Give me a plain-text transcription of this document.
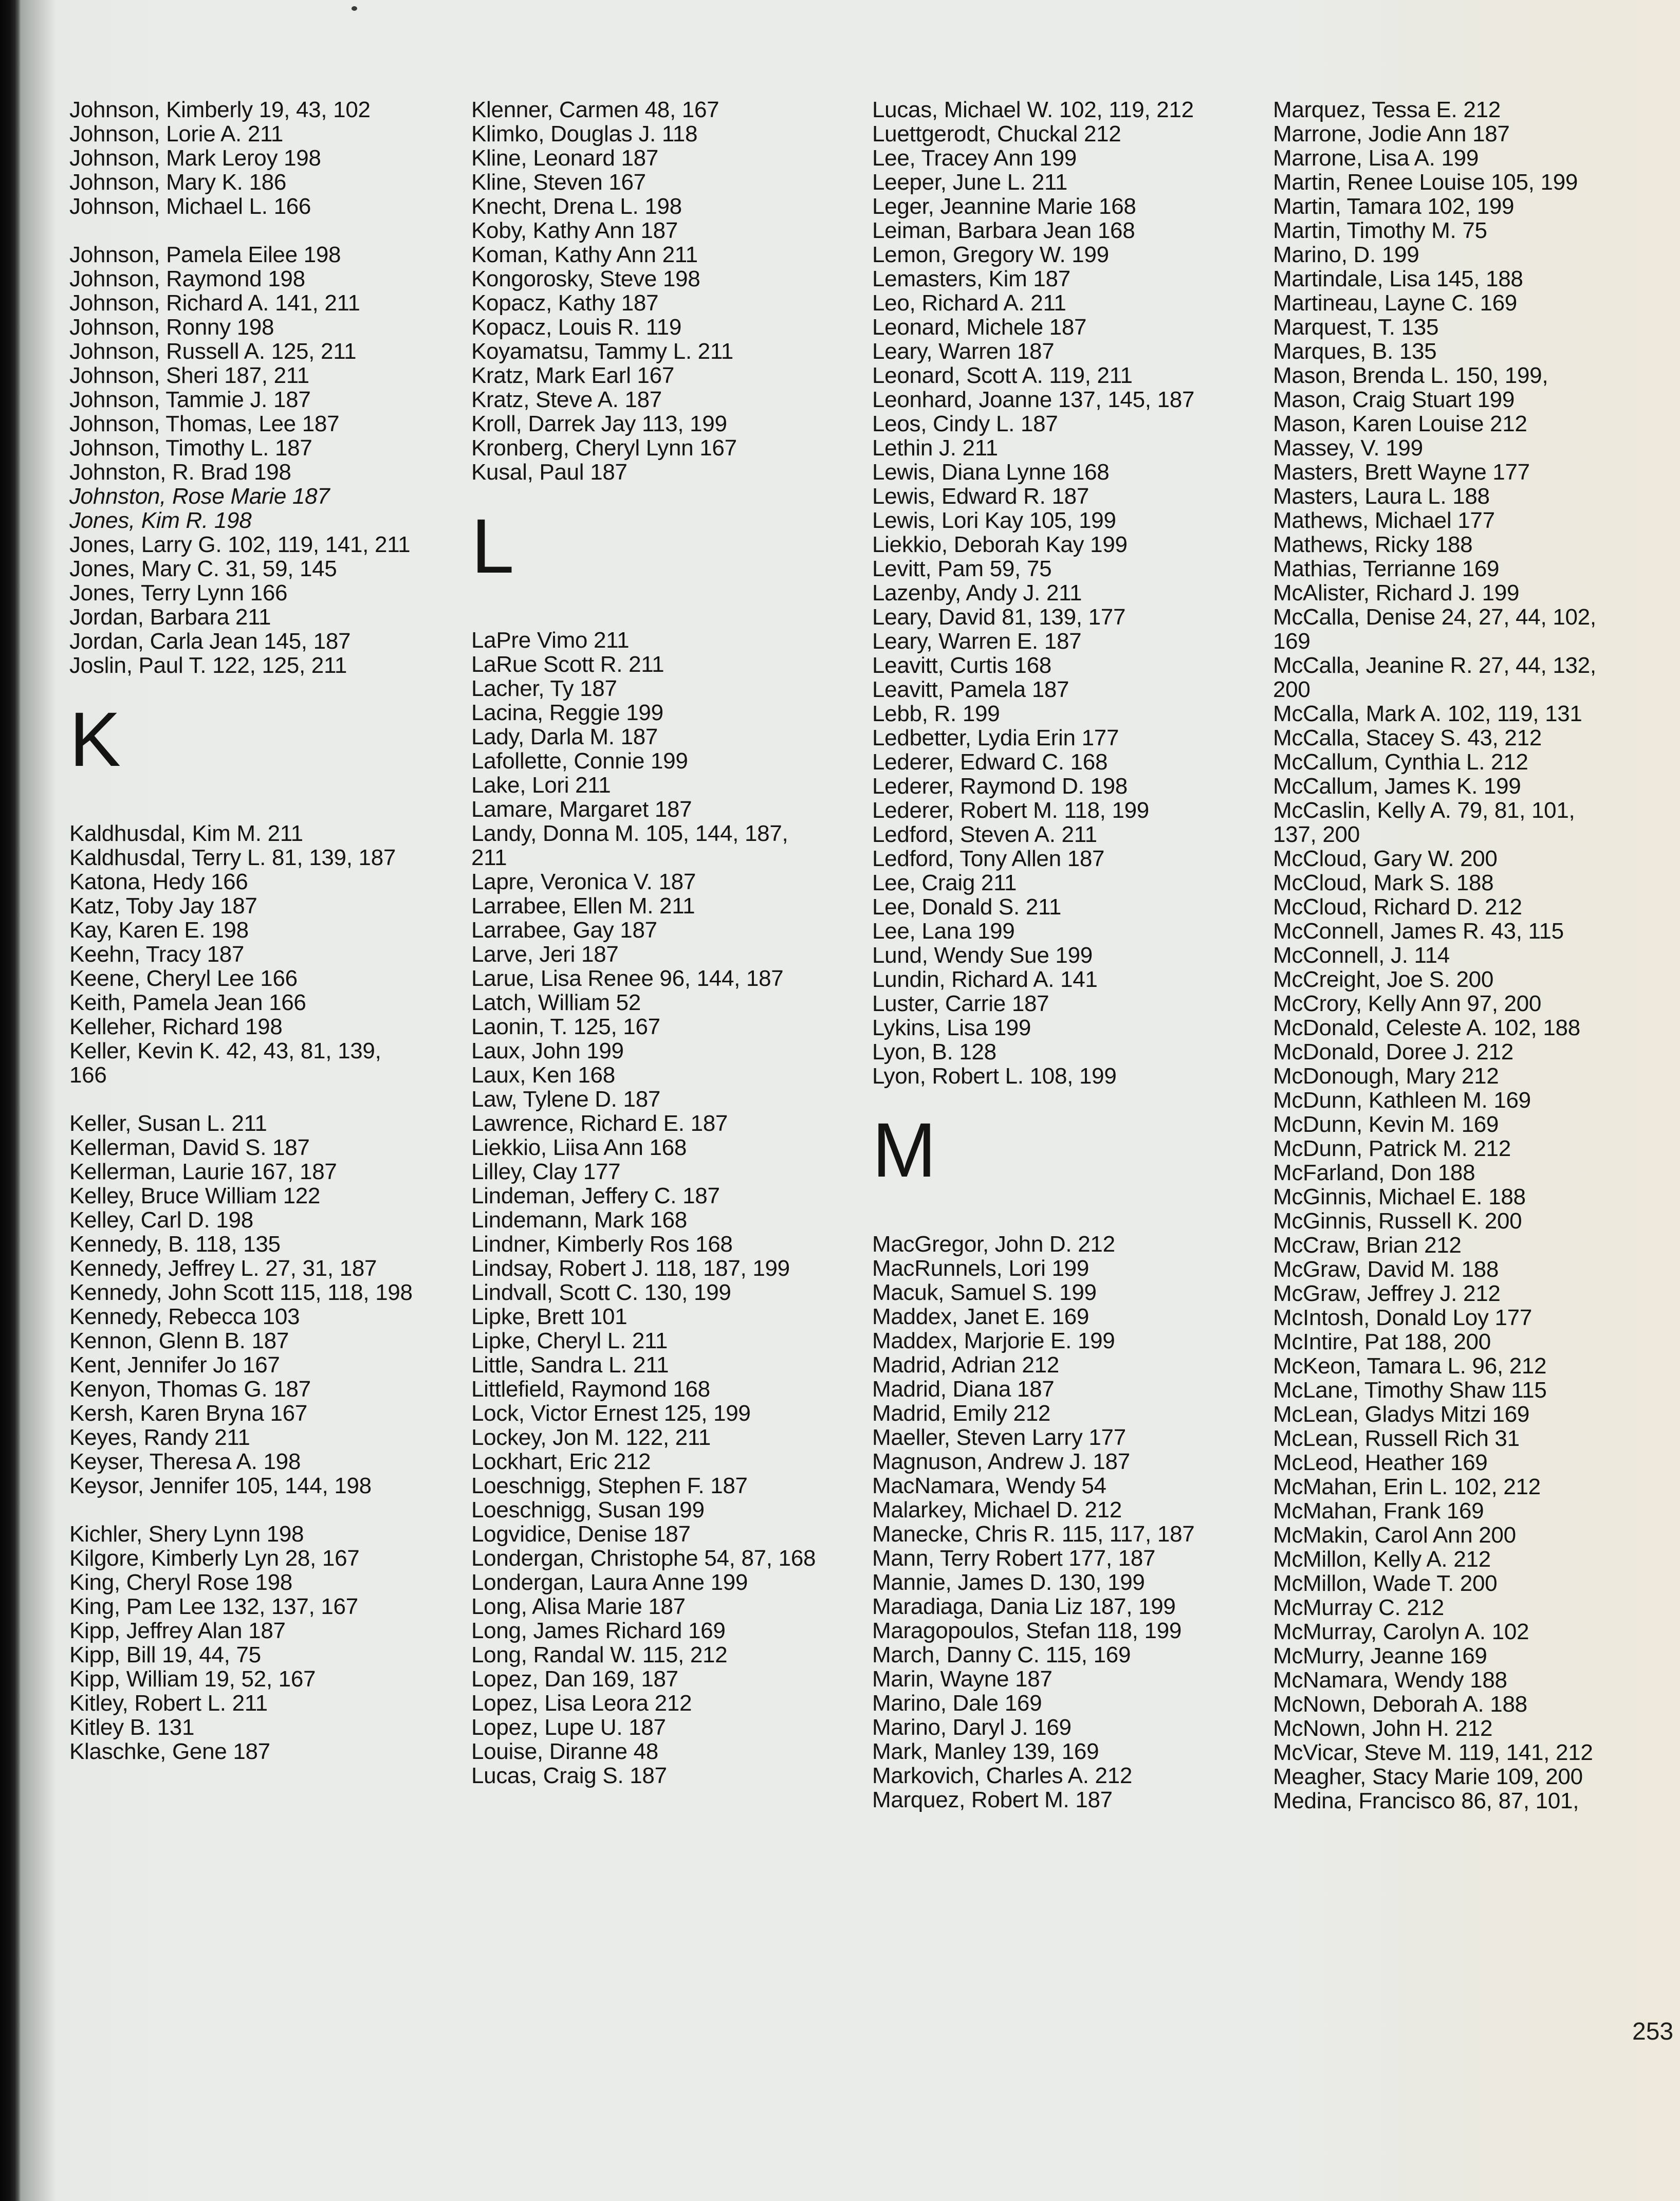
Johnson, Kimberly 19, 43, 102
Johnson, Lorie A. 211
Johnson, Mark Leroy 198
Johnson, Mary K. 186
Johnson, Michael L. 166
Johnson, Pamela Eilee 198
Johnson, Raymond 198
Johnson, Richard A. 141, 211
Johnson, Ronny 198
Johnson, Russell A. 125, 211
Johnson, Sheri 187, 211
Johnson, Tammie J. 187
Johnson, Thomas, Lee 187
Johnson, Timothy L. 187
Johnston, R. Brad 198
Johnston, Rose Marie 187
Jones, Kim R. 198
Jones, Larry G. 102, 119, 141, 211
Jones, Mary C. 31, 59, 145
Jones, Terry Lynn 166
Jordan, Barbara 211
Jordan, Carla Jean 145, 187
Joslin, Paul T. 122, 125, 211
K
Kaldhusdal, Kim M. 211
Kaldhusdal, Terry L. 81, 139, 187
Katona, Hedy 166
Katz, Toby Jay 187
Kay, Karen E. 198
Keehn, Tracy 187
Keene, Cheryl Lee 166
Keith, Pamela Jean 166
Kelleher, Richard 198
Keller, Kevin K. 42, 43, 81, 139, 166
Keller, Susan L. 211
Kellerman, David S. 187
Kellerman, Laurie 167, 187
Kelley, Bruce William 122
Kelley, Carl D. 198
Kennedy, B. 118, 135
Kennedy, Jeffrey L. 27, 31, 187
Kennedy, John Scott 115, 118, 198
Kennedy, Rebecca 103
Kennon, Glenn B. 187
Kent, Jennifer Jo 167
Kenyon, Thomas G. 187
Kersh, Karen Bryna 167
Keyes, Randy 211
Keyser, Theresa A. 198
Keysor, Jennifer 105, 144, 198
Kichler, Shery Lynn 198
Kilgore, Kimberly Lyn 28, 167
King, Cheryl Rose 198
King, Pam Lee 132, 137, 167
Kipp, Jeffrey Alan 187
Kipp, Bill 19, 44, 75
Kipp, William 19, 52, 167
Kitley, Robert L. 211
Kitley B. 131
Klaschke, Gene 187
Klenner, Carmen 48, 167
Klimko, Douglas J. 118
Kline, Leonard 187
Kline, Steven 167
Knecht, Drena L. 198
Koby, Kathy Ann 187
Koman, Kathy Ann 211
Kongorosky, Steve 198
Kopacz, Kathy 187
Kopacz, Louis R. 119
Koyamatsu, Tammy L. 211
Kratz, Mark Earl 167
Kratz, Steve A. 187
Kroll, Darrek Jay 113, 199
Kronberg, Cheryl Lynn 167
Kusal, Paul 187
L
LaPre Vimo 211
LaRue Scott R. 211
Lacher, Ty 187
Lacina, Reggie 199
Lady, Darla M. 187
Lafollette, Connie 199
Lake, Lori 211
Lamare, Margaret 187
Landy, Donna M. 105, 144, 187, 211
Lapre, Veronica V. 187
Larrabee, Ellen M. 211
Larrabee, Gay 187
Larve, Jeri 187
Larue, Lisa Renee 96, 144, 187
Latch, William 52
Laonin, T. 125, 167
Laux, John 199
Laux, Ken 168
Law, Tylene D. 187
Lawrence, Richard E. 187
Liekkio, Liisa Ann 168
Lilley, Clay 177
Lindeman, Jeffery C. 187
Lindemann, Mark 168
Lindner, Kimberly Ros 168
Lindsay, Robert J. 118, 187, 199
Lindvall, Scott C. 130, 199
Lipke, Brett 101
Lipke, Cheryl L. 211
Little, Sandra L. 211
Littlefield, Raymond 168
Lock, Victor Ernest 125, 199
Lockey, Jon M. 122, 211
Lockhart, Eric 212
Loeschnigg, Stephen F. 187
Loeschnigg, Susan 199
Logvidice, Denise 187
Londergan, Christophe 54, 87, 168
Londergan, Laura Anne 199
Long, Alisa Marie 187
Long, James Richard 169
Long, Randal W. 115, 212
Lopez, Dan 169, 187
Lopez, Lisa Leora 212
Lopez, Lupe U. 187
Louise, Diranne 48
Lucas, Craig S. 187
Lucas, Michael W. 102, 119, 212
Luettgerodt, Chuckal 212
Lee, Tracey Ann 199
Leeper, June L. 211
Leger, Jeannine Marie 168
Leiman, Barbara Jean 168
Lemon, Gregory W. 199
Lemasters, Kim 187
Leo, Richard A. 211
Leonard, Michele 187
Leary, Warren 187
Leonard, Scott A. 119, 211
Leonhard, Joanne 137, 145, 187
Leos, Cindy L. 187
Lethin J. 211
Lewis, Diana Lynne 168
Lewis, Edward R. 187
Lewis, Lori Kay 105, 199
Liekkio, Deborah Kay 199
Levitt, Pam 59, 75
Lazenby, Andy J. 211
Leary, David 81, 139, 177
Leary, Warren E. 187
Leavitt, Curtis 168
Leavitt, Pamela 187
Lebb, R. 199
Ledbetter, Lydia Erin 177
Lederer, Edward C. 168
Lederer, Raymond D. 198
Lederer, Robert M. 118, 199
Ledford, Steven A. 211
Ledford, Tony Allen 187
Lee, Craig 211
Lee, Donald S. 211
Lee, Lana 199
Lund, Wendy Sue 199
Lundin, Richard A. 141
Luster, Carrie 187
Lykins, Lisa 199
Lyon, B. 128
Lyon, Robert L. 108, 199
M
MacGregor, John D. 212
MacRunnels, Lori 199
Macuk, Samuel S. 199
Maddex, Janet E. 169
Maddex, Marjorie E. 199
Madrid, Adrian 212
Madrid, Diana 187
Madrid, Emily 212
Maeller, Steven Larry 177
Magnuson, Andrew J. 187
MacNamara, Wendy 54
Malarkey, Michael D. 212
Manecke, Chris R. 115, 117, 187
Mann, Terry Robert 177, 187
Mannie, James D. 130, 199
Maradiaga, Dania Liz 187, 199
Maragopoulos, Stefan 118, 199
March, Danny C. 115, 169
Marin, Wayne 187
Marino, Dale 169
Marino, Daryl J. 169
Mark, Manley 139, 169
Markovich, Charles A. 212
Marquez, Robert M. 187
Marquez, Tessa E. 212
Marrone, Jodie Ann 187
Marrone, Lisa A. 199
Martin, Renee Louise 105, 199
Martin, Tamara 102, 199
Martin, Timothy M. 75
Marino, D. 199
Martindale, Lisa 145, 188
Martineau, Layne C. 169
Marquest, T. 135
Marques, B. 135
Mason, Brenda L. 150, 199,
Mason, Craig Stuart 199
Mason, Karen Louise 212
Massey, V. 199
Masters, Brett Wayne 177
Masters, Laura L. 188
Mathews, Michael 177
Mathews, Ricky 188
Mathias, Terrianne 169
McAlister, Richard J. 199
McCalla, Denise 24, 27, 44, 102, 169
McCalla, Jeanine R. 27, 44, 132, 200
McCalla, Mark A. 102, 119, 131
McCalla, Stacey S. 43, 212
McCallum, Cynthia L. 212
McCallum, James K. 199
McCaslin, Kelly A. 79, 81, 101, 137, 200
McCloud, Gary W. 200
McCloud, Mark S. 188
McCloud, Richard D. 212
McConnell, James R. 43, 115
McConnell, J. 114
McCreight, Joe S. 200
McCrory, Kelly Ann 97, 200
McDonald, Celeste A. 102, 188
McDonald, Doree J. 212
McDonough, Mary 212
McDunn, Kathleen M. 169
McDunn, Kevin M. 169
McDunn, Patrick M. 212
McFarland, Don 188
McGinnis, Michael E. 188
McGinnis, Russell K. 200
McCraw, Brian 212
McGraw, David M. 188
McGraw, Jeffrey J. 212
McIntosh, Donald Loy 177
McIntire, Pat 188, 200
McKeon, Tamara L. 96, 212
McLane, Timothy Shaw 115
McLean, Gladys Mitzi 169
McLean, Russell Rich 31
McLeod, Heather 169
McMahan, Erin L. 102, 212
McMahan, Frank 169
McMakin, Carol Ann 200
McMillon, Kelly A. 212
McMillon, Wade T. 200
McMurray C. 212
McMurray, Carolyn A. 102
McMurry, Jeanne 169
McNamara, Wendy 188
McNown, Deborah A. 188
McNown, John H. 212
McVicar, Steve M. 119, 141, 212
Meagher, Stacy Marie 109, 200
Medina, Francisco 86, 87, 101,
253
